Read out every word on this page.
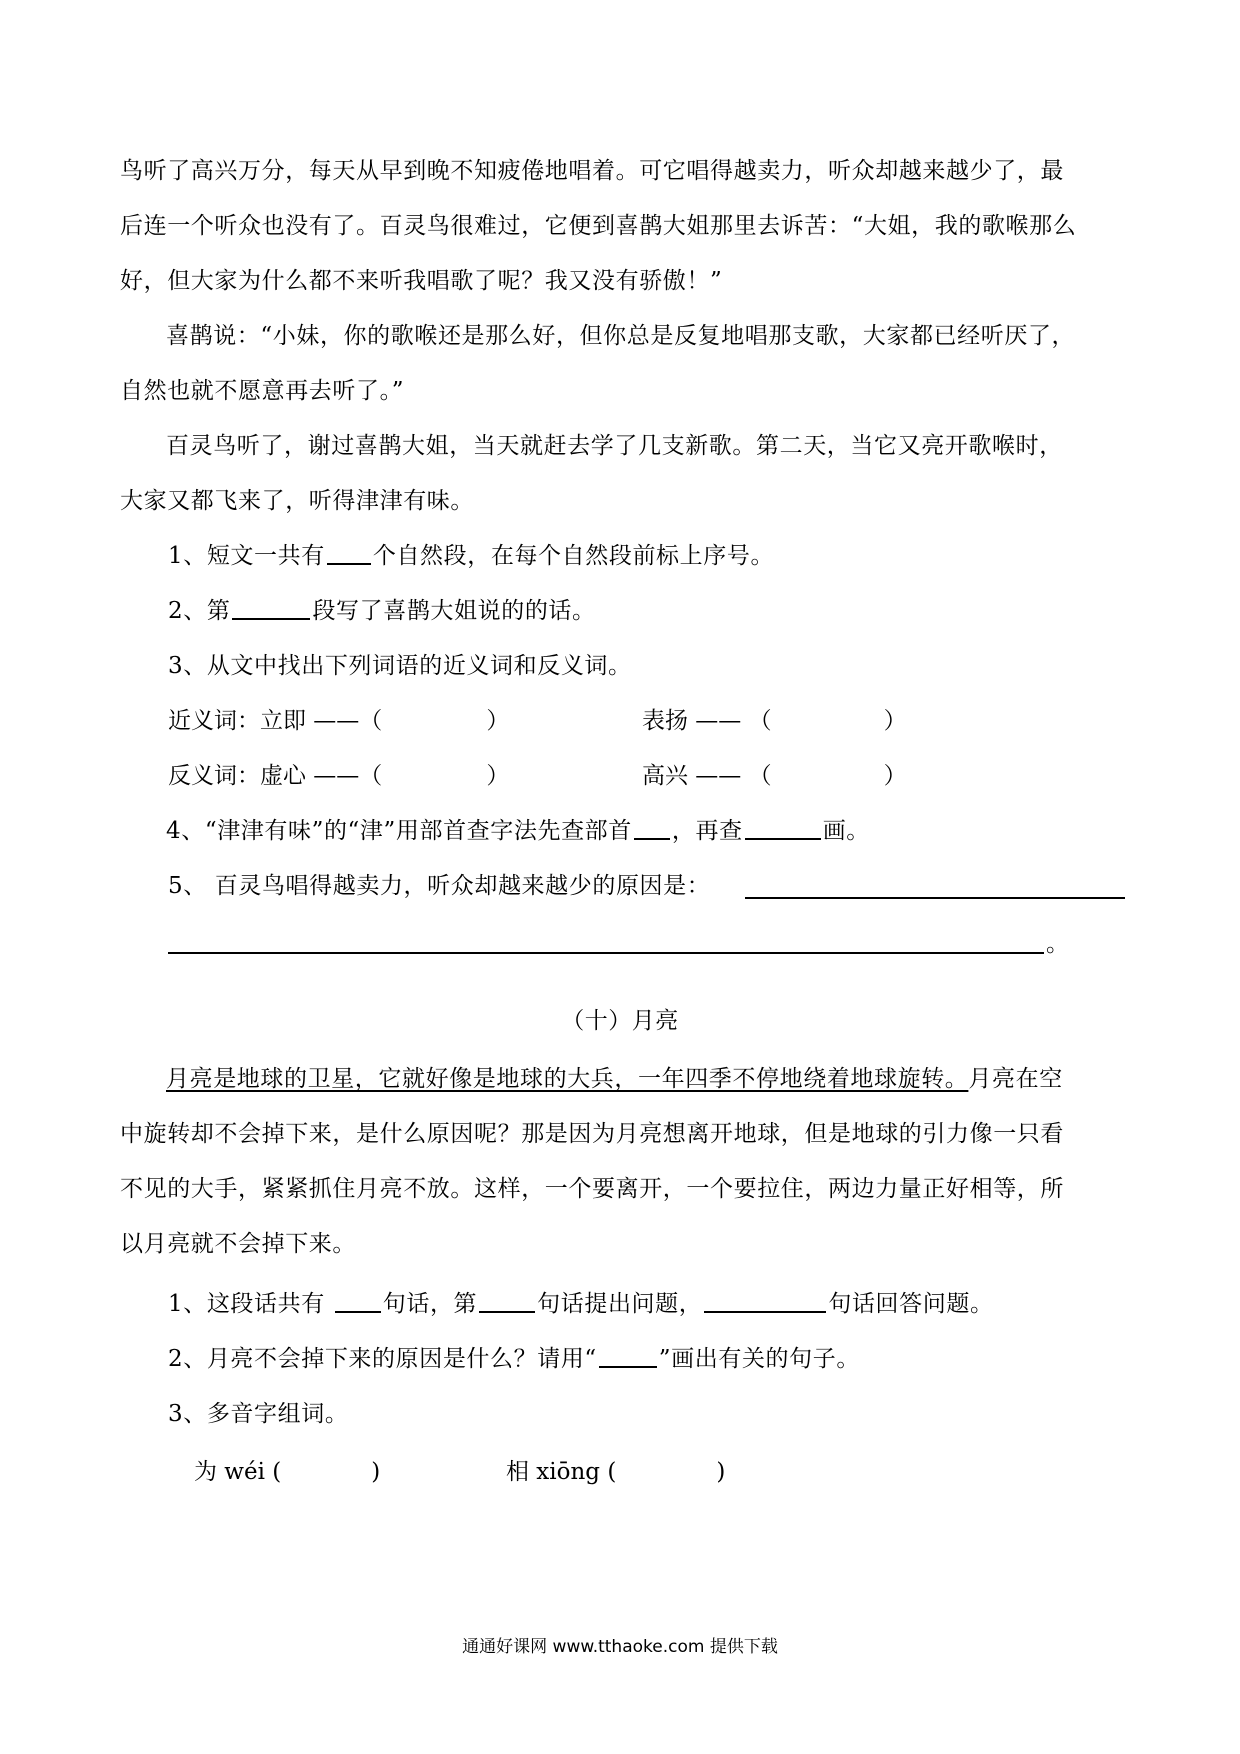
鸟听了高兴万分，每天从早到晚不知疲倦地唱着。可它唱得越卖力，听众却越来越少了，最
后连一个听众也没有了。百灵鸟很难过，它便到喜鹊大姐那里去诉苦：“大姐，我的歌喉那么
好，但大家为什么都不来听我唱歌了呢？我又没有骄傲！”
喜鹊说：“小妹，你的歌喉还是那么好，但你总是反复地唱那支歌，大家都已经听厌了，
自然也就不愿意再去听了。”
百灵鸟听了，谢过喜鹊大姐，当天就赶去学了几支新歌。第二天，当它又亮开歌喉时，
大家又都飞来了，听得津津有味。
1、短文一共有 个自然段，在每个自然段前标上序号。
2、第	段写了喜鹊大姐说的的话。
3、从文中找出下列词语的近义词和反义词。
近义词：立即 ——（	）	表扬 —— （	）
反义词：虚心 ——（	）	高兴 —— （	）
4、“津津有味”的“津”用部首查字法先查部首 ，再查	画。
5、 百灵鸟唱得越卖力，听众却越来越少的原因是：
。
（十）月亮
月亮是地球的卫星，它就好像是地球的大兵，一年四季不停地绕着地球旋转。月亮在空
中旋转却不会掉下来，是什么原因呢？那是因为月亮想离开地球，但是地球的引力像一只看
不见的大手，紧紧抓住月亮不放。这样，一个要离开，一个要拉住，两边力量正好相等，所
以月亮就不会掉下来。
1、这段话共有 句话，第	句话提出问题，	句话回答问题。
2、月亮不会掉下来的原因是什么？请用“	”画出有关的句子。
3、多音字组词。
为 wéi (	)	相 xiōng (	)
通通好课网 www.tthaoke.com 提供下载
